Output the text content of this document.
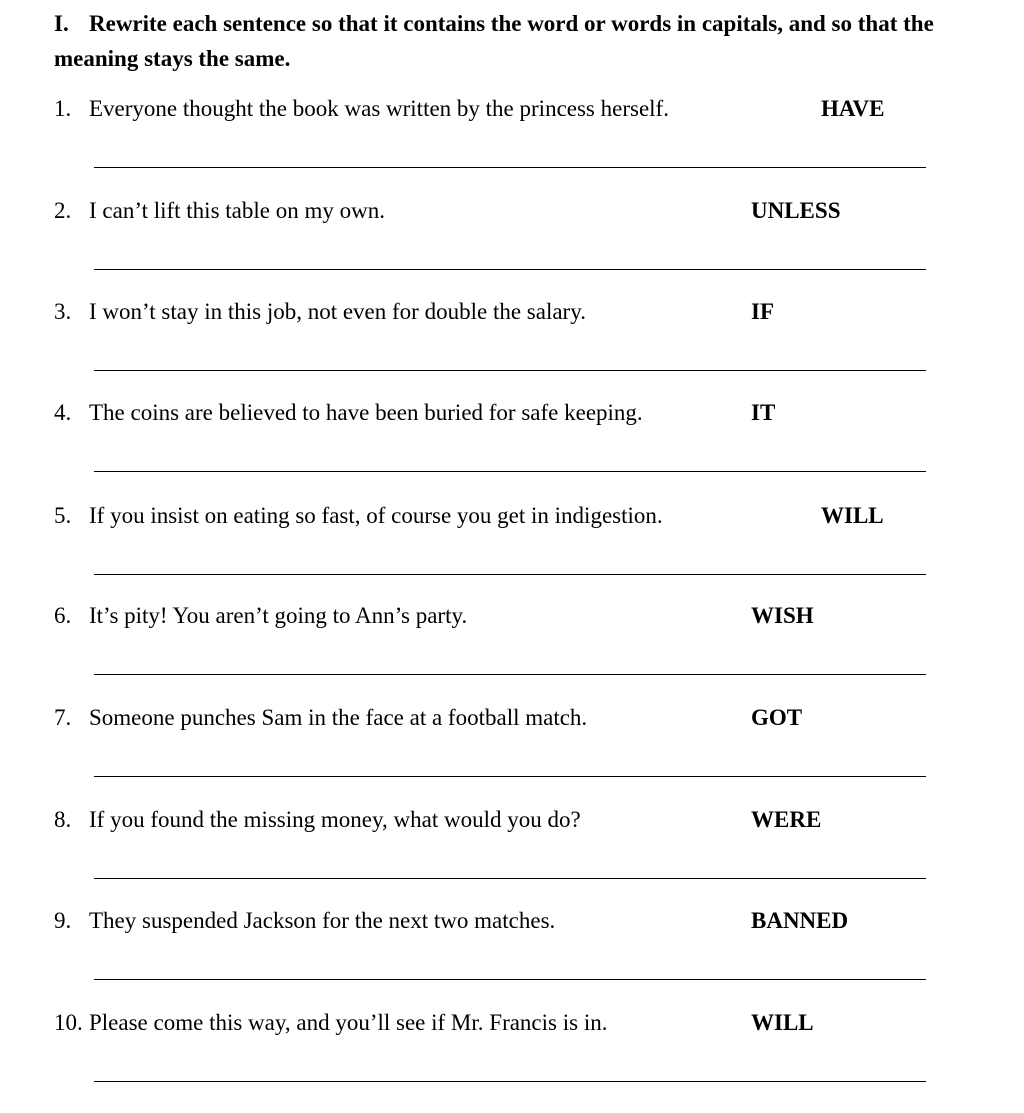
I. Rewrite each sentence so that it contains the word or words in capitals, and so that the meaning stays the same.
1. Everyone thought the book was written by the princess herself.	HAVE
2. I can’t lift this table on my own.	UNLESS
3. I won’t stay in this job, not even for double the salary.	IF
4. The coins are believed to have been buried for safe keeping.	IT
5. If you insist on eating so fast, of course you get in indigestion.	WILL
6. It’s pity! You aren’t going to Ann’s party.	WISH
7. Someone punches Sam in the face at a football match.	GOT
8. If you found the missing money, what would you do?	WERE
9. They suspended Jackson for the next two matches.	BANNED
10. Please come this way, and you’ll see if Mr. Francis is in.	WILL
